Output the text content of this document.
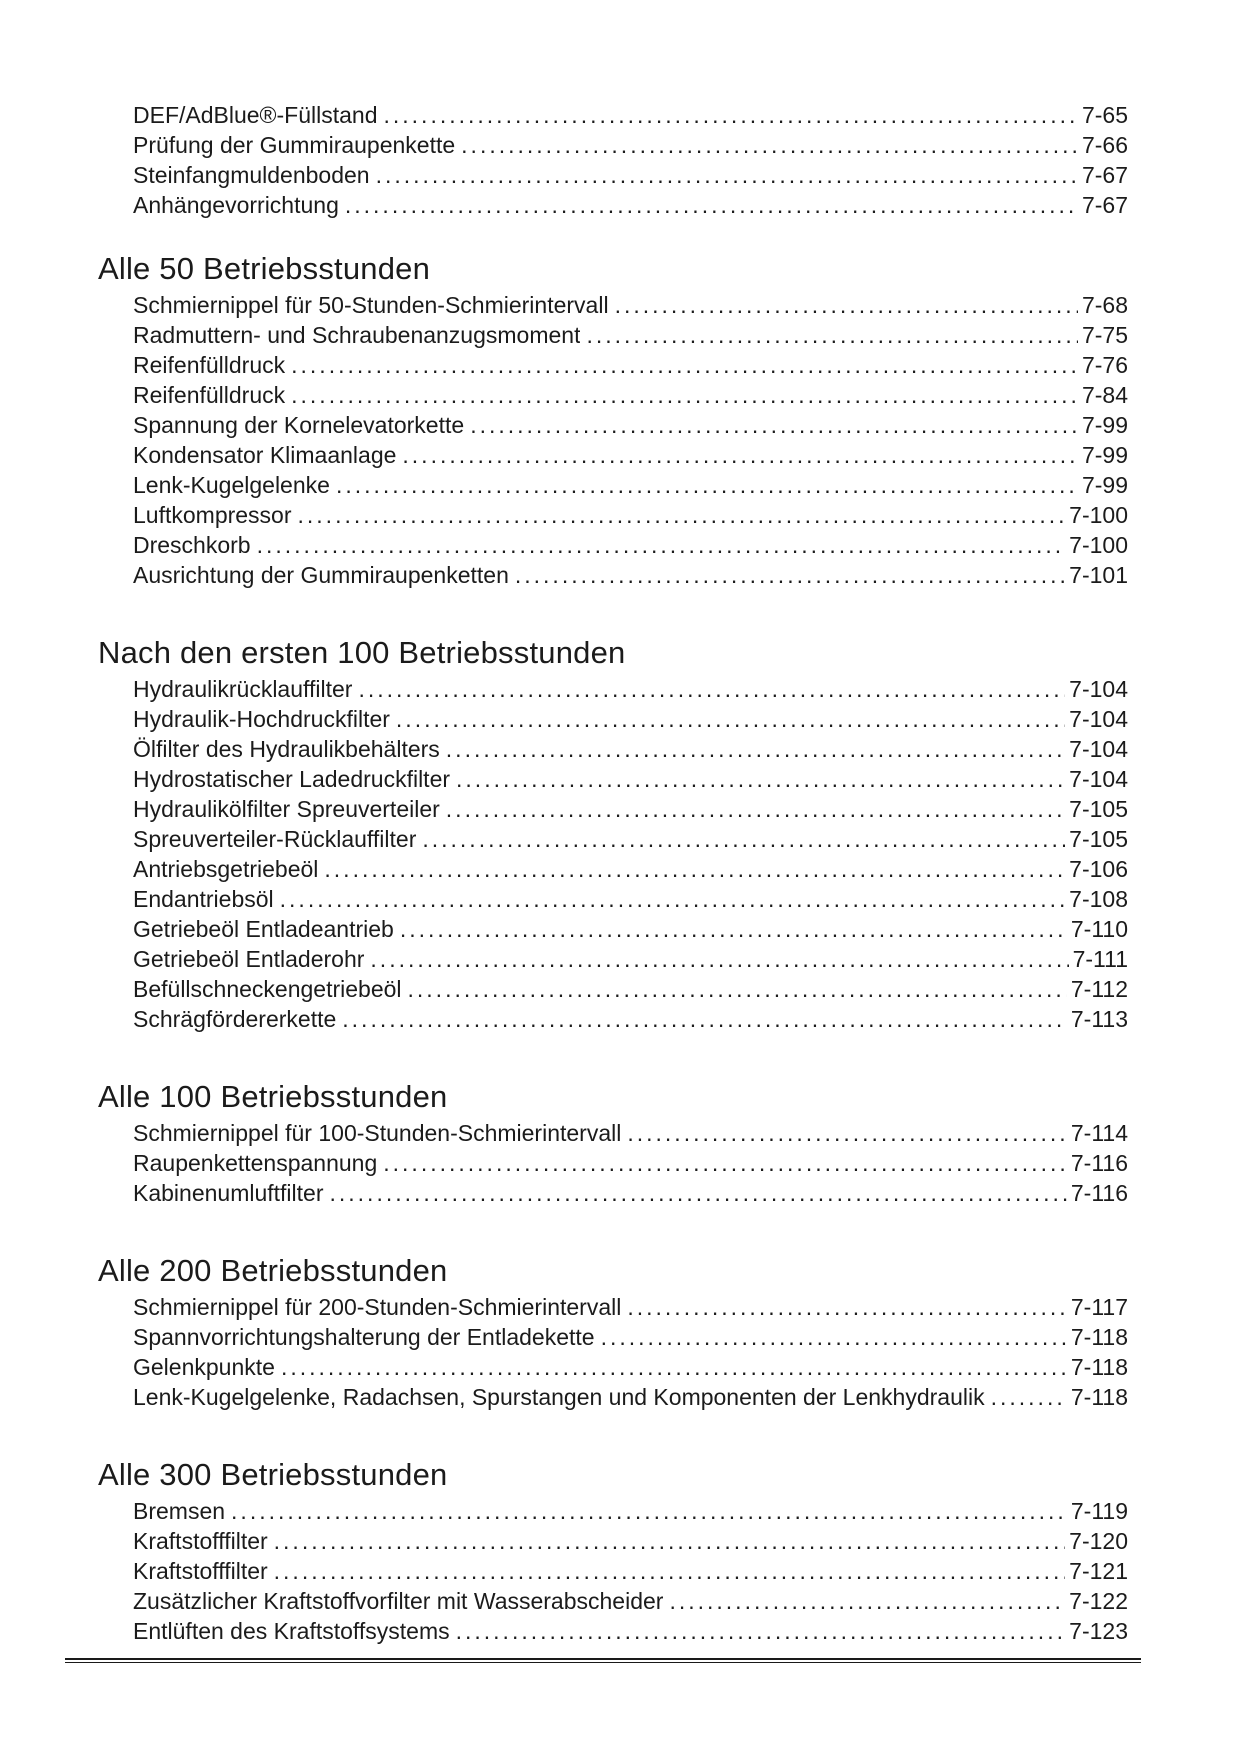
DEF/AdBlue®-Füllstand .....	7-65
Prüfung der Gummiraupenkette .....	7-66
Steinfangmuldenboden .....	7-67
Anhängevorrichtung .....	7-67
Alle 50 Betriebsstunden
Schmiernippel für 50-Stunden-Schmierintervall .....	7-68
Radmuttern- und Schraubenanzugsmoment .....	7-75
Reifenfülldruck .....	7-76
Reifenfülldruck .....	7-84
Spannung der Kornelevatorkette .....	7-99
Kondensator Klimaanlage .....	7-99
Lenk-Kugelgelenke .....	7-99
Luftkompressor .....	7-100
Dreschkorb .....	7-100
Ausrichtung der Gummiraupenketten .....	7-101
Nach den ersten 100 Betriebsstunden
Hydraulikrücklauffilter .....	7-104
Hydraulik-Hochdruckfilter .....	7-104
Ölfilter des Hydraulikbehälters .....	7-104
Hydrostatischer Ladedruckfilter .....	7-104
Hydraulikölfilter Spreuverteiler .....	7-105
Spreuverteiler-Rücklauffilter .....	7-105
Antriebsgetriebeöl .....	7-106
Endantriebsöl .....	7-108
Getriebeöl Entladeantrieb .....	7-110
Getriebeöl Entladerohr .....	7-111
Befüllschneckengetriebeöl .....	7-112
Schrägfördererkette .....	7-113
Alle 100 Betriebsstunden
Schmiernippel für 100-Stunden-Schmierintervall .....	7-114
Raupenkettenspannung .....	7-116
Kabinenumluftfilter .....	7-116
Alle 200 Betriebsstunden
Schmiernippel für 200-Stunden-Schmierintervall .....	7-117
Spannvorrichtungshalterung der Entladekette .....	7-118
Gelenkpunkte .....	7-118
Lenk-Kugelgelenke, Radachsen, Spurstangen und Komponenten der Lenkhydraulik .....	7-118
Alle 300 Betriebsstunden
Bremsen .....	7-119
Kraftstofffilter .....	7-120
Kraftstofffilter .....	7-121
Zusätzlicher Kraftstoffvorfilter mit Wasserabscheider .....	7-122
Entlüften des Kraftstoffsystems .....	7-123
